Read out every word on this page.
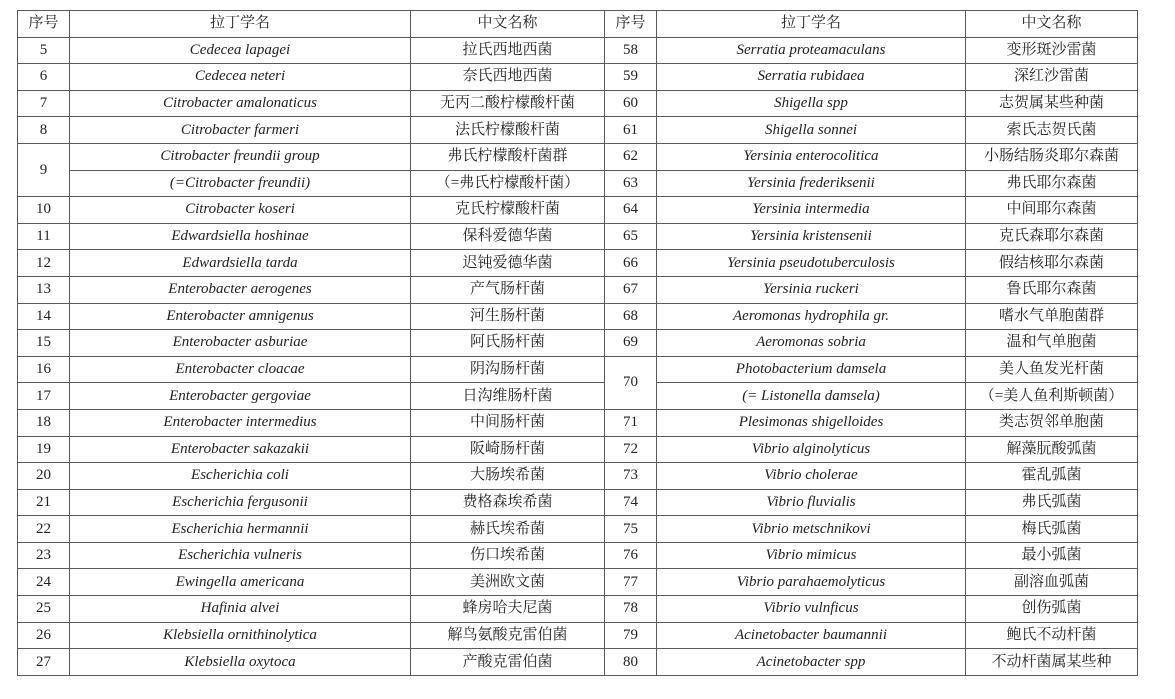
序号	拉丁学名	中文名称	序号	拉丁学名	中文名称
5	Cedecea lapagei	拉氏西地西菌	58	Serratia proteamaculans	变形斑沙雷菌
6	Cedecea neteri	奈氏西地西菌	59	Serratia rubidaea	深红沙雷菌
7	Citrobacter amalonaticus	无丙二酸柠檬酸杆菌	60	Shigella spp	志贺属某些种菌
8	Citrobacter farmeri	法氏柠檬酸杆菌	61	Shigella sonnei	索氏志贺氏菌
9	Citrobacter freundii group	弗氏柠檬酸杆菌群	62	Yersinia enterocolitica	小肠结肠炎耶尔森菌
	(=Citrobacter freundii)	（=弗氏柠檬酸杆菌）	63	Yersinia frederiksenii	弗氏耶尔森菌
10	Citrobacter koseri	克氏柠檬酸杆菌	64	Yersinia intermedia	中间耶尔森菌
11	Edwardsiella hoshinae	保科爱德华菌	65	Yersinia kristensenii	克氏森耶尔森菌
12	Edwardsiella tarda	迟钝爱德华菌	66	Yersinia pseudotuberculosis	假结核耶尔森菌
13	Enterobacter aerogenes	产气肠杆菌	67	Yersinia ruckeri	鲁氏耶尔森菌
14	Enterobacter amnigenus	河生肠杆菌	68	Aeromonas hydrophila gr.	嗜水气单胞菌群
15	Enterobacter asburiae	阿氏肠杆菌	69	Aeromonas sobria	温和气单胞菌
16	Enterobacter cloacae	阴沟肠杆菌	70	Photobacterium damsela	美人鱼发光杆菌
17	Enterobacter gergoviae	日沟维肠杆菌		(= Listonella damsela)	（=美人鱼利斯顿菌）
18	Enterobacter intermedius	中间肠杆菌	71	Plesimonas shigelloides	类志贺邻单胞菌
19	Enterobacter sakazakii	阪崎肠杆菌	72	Vibrio alginolyticus	解藻朊酸弧菌
20	Escherichia coli	大肠埃希菌	73	Vibrio cholerae	霍乱弧菌
21	Escherichia fergusonii	费格森埃希菌	74	Vibrio fluvialis	弗氏弧菌
22	Escherichia hermannii	赫氏埃希菌	75	Vibrio metschnikovi	梅氏弧菌
23	Escherichia vulneris	伤口埃希菌	76	Vibrio mimicus	最小弧菌
24	Ewingella americana	美洲欧文菌	77	Vibrio parahaemolyticus	副溶血弧菌
25	Hafinia alvei	蜂房哈夫尼菌	78	Vibrio vulnficus	创伤弧菌
26	Klebsiella ornithinolytica	解鸟氨酸克雷伯菌	79	Acinetobacter baumannii	鲍氏不动杆菌
27	Klebsiella oxytoca	产酸克雷伯菌	80	Acinetobacter spp	不动杆菌属某些种
